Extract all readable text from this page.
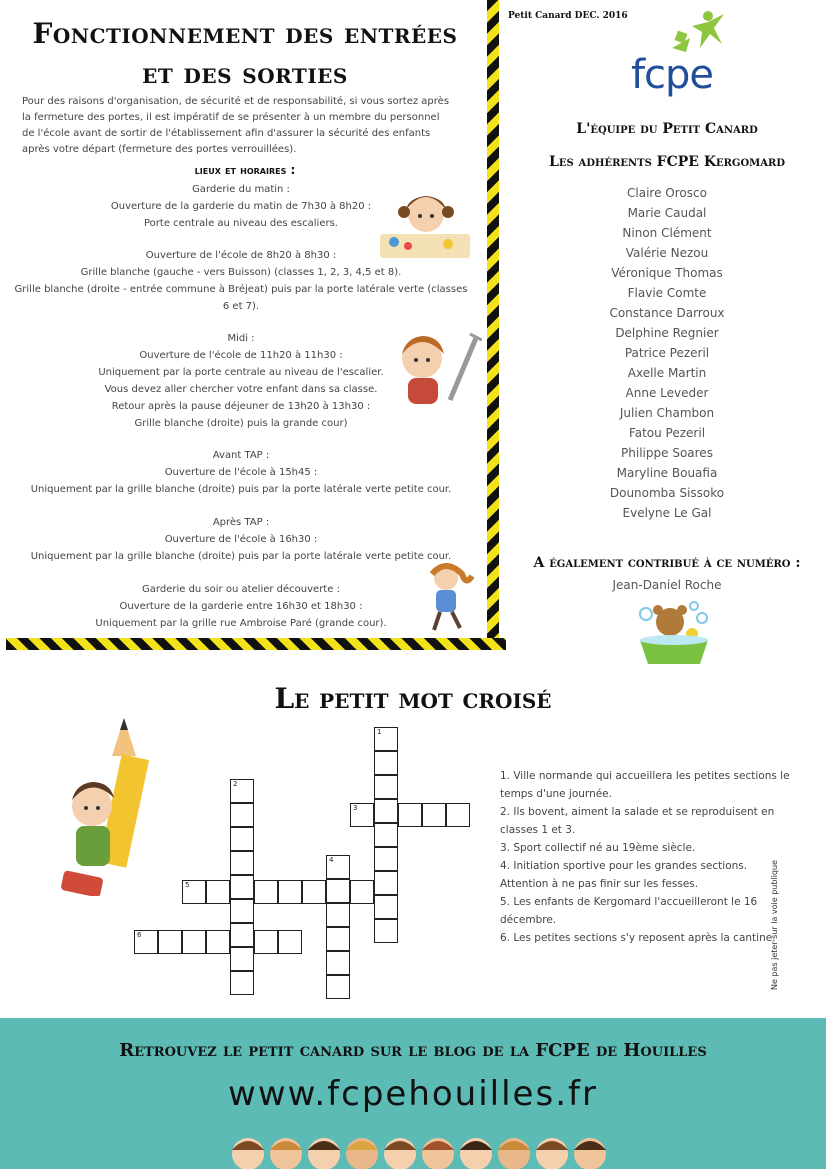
Fonctionnement des entrées
et des sorties
Pour des raisons d'organisation, de sécurité et de responsabilité, si vous sortez après
la fermeture des portes, il est impératif de se présenter à un membre du personnel
de l'école avant de sortir de l'établissement afin d'assurer la sécurité des enfants
après votre départ (fermeture des portes verrouillées).
lieux et horaires :
Garderie du matin :
Ouverture de la garderie du matin de 7h30 à 8h20 :
Porte centrale au niveau des escaliers.
Ouverture de l'école de 8h20 à 8h30 :
Grille blanche (gauche - vers Buisson) (classes 1, 2, 3, 4,5 et 8).
Grille blanche (droite - entrée commune à Bréjeat) puis par la porte latérale verte (classes
6 et 7).
Midi :
Ouverture de l'école de 11h20 à 11h30 :
Uniquement par la porte centrale au niveau de l'escalier.
Vous devez aller chercher votre enfant dans sa classe.
Retour après la pause déjeuner de 13h20 à 13h30 :
Grille blanche (droite) puis la grande cour)
Avant TAP :
Ouverture de l'école à 15h45 :
Uniquement par la grille blanche (droite) puis par la porte latérale verte petite cour.
Après TAP :
Ouverture de l'école à 16h30 :
Uniquement par la grille blanche (droite) puis par la porte latérale verte petite cour.
Garderie du soir ou atelier découverte :
Ouverture de la garderie entre 16h30 et 18h30 :
Uniquement par la grille rue Ambroise Paré (grande cour).
Petit Canard DEC. 2016
fcpe
L'équipe du Petit Canard
Les adhérents FCPE Kergomard
Claire Orosco
Marie Caudal
Ninon Clément
Valérie Nezou
Véronique Thomas
Flavie Comte
Constance Darroux
Delphine Regnier
Patrice Pezeril
Axelle Martin
Anne Leveder
Julien Chambon
Fatou Pezeril
Philippe Soares
Maryline Bouafia
Dounomba Sissoko
Evelyne Le Gal
A également contribué à ce numéro :
Jean-Daniel Roche
Le petit mot croisé
1
2
3
4
5
6
1. Ville normande qui accueillera les petites sections le temps d'une journée.
2. Ils bovent, aiment la salade et se reproduisent en classes 1 et 3.
3. Sport collectif né au 19ème siècle.
4. Initiation sportive pour les grandes sections. Attention à ne pas finir sur les fesses.
5. Les enfants de Kergomard l'accueilleront le 16 décembre.
6. Les petites sections s'y reposent après la cantine.
Ne pas jeter sur la voie publique
Retrouvez le petit canard sur le blog de la FCPE de Houilles
www.fcpehouilles.fr
